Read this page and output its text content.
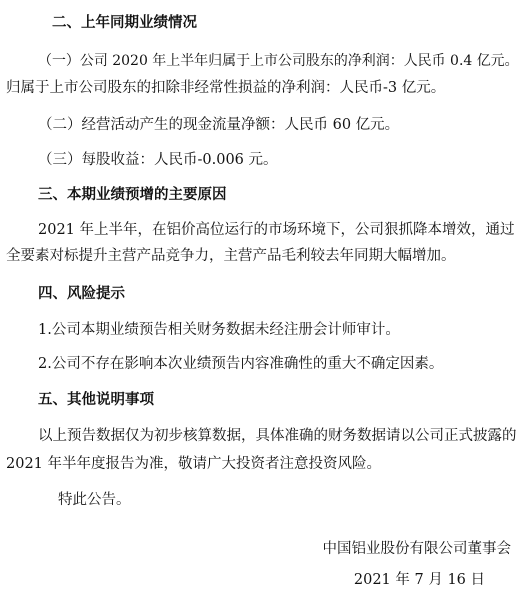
二、上年同期业绩情况
（一）公司 2020 年上半年归属于上市公司股东的净利润：人民币 0.4 亿元。
归属于上市公司股东的扣除非经常性损益的净利润：人民币-3 亿元。
（二）经营活动产生的现金流量净额：人民币 60 亿元。
（三）每股收益：人民币-0.006 元。
三、本期业绩预增的主要原因
2021 年上半年，在铝价高位运行的市场环境下，公司狠抓降本增效，通过
全要素对标提升主营产品竞争力，主营产品毛利较去年同期大幅增加。
四、风险提示
1.公司本期业绩预告相关财务数据未经注册会计师审计。
2.公司不存在影响本次业绩预告内容准确性的重大不确定因素。
五、其他说明事项
以上预告数据仅为初步核算数据，具体准确的财务数据请以公司正式披露的
2021 年半年度报告为准，敬请广大投资者注意投资风险。
特此公告。
中国铝业股份有限公司董事会
2021 年 7 月 16 日
